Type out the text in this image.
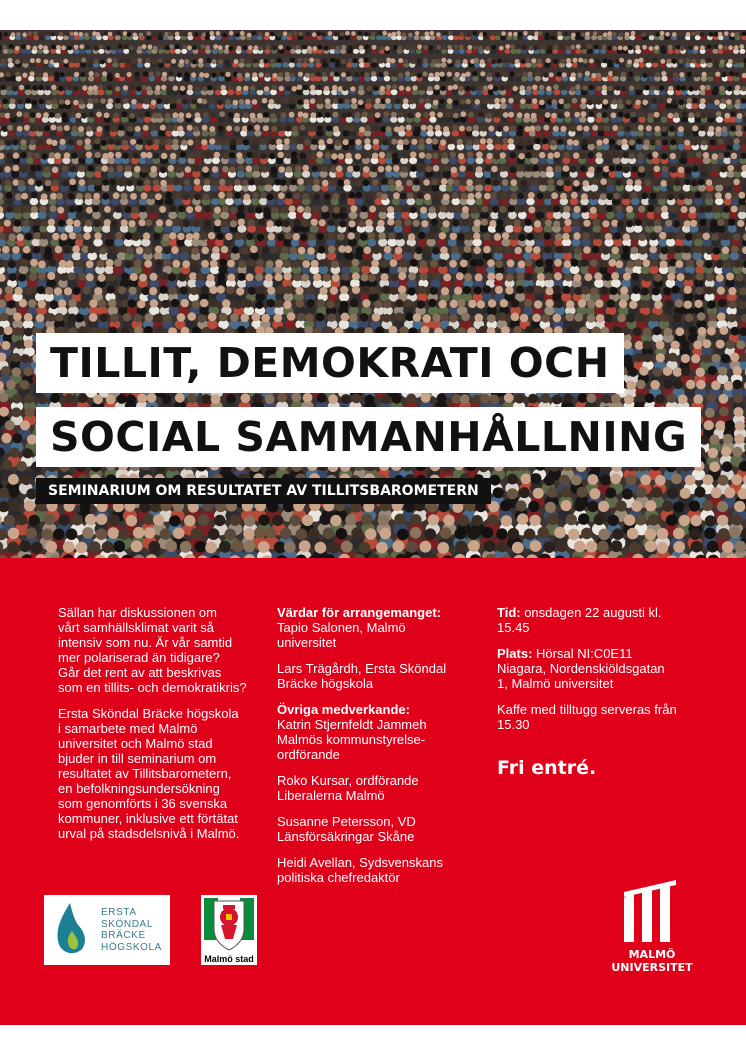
TILLIT, DEMOKRATI OCH
SOCIAL SAMMANHÅLLNING
SEMINARIUM OM RESULTATET AV TILLITSBAROMETERN

Sällan har diskussionen om
vårt samhällsklimat varit så
intensiv som nu. Är vår samtid
mer polariserad än tidigare?
Går det rent av att beskrivas
som en tillits- och demokratikris?

Ersta Sköndal Bräcke högskola
i samarbete med Malmö
universitet och Malmö stad
bjuder in till seminarium om
resultatet av Tillitsbarometern,
en befolkningsundersökning
som genomförts i 36 svenska
kommuner, inklusive ett förtätat
urval på stadsdelsnivå i Malmö.

Värdar för arrangemanget:
Tapio Salonen, Malmö
universitet

Lars Trägårdh, Ersta Sköndal
Bräcke högskola

Övriga medverkande:
Katrin Stjernfeldt Jammeh
Malmös kommunstyrelse-
ordförande

Roko Kursar, ordförande
Liberalerna Malmö

Susanne Petersson, VD
Länsförsäkringar Skåne

Heidi Avellan, Sydsvenskans
politiska chefredaktör

Tid: onsdagen 22 augusti kl.
15.45

Plats: Hörsal NI:C0E11
Niagara, Nordenskiöldsgatan
1, Malmö universitet

Kaffe med tilltugg serveras från
15.30

Fri entré.
ERSTA
SKÖNDAL
BRÄCKE
HÖGSKOLA
Malmö stad	MALMÖ
UNIVERSITET
